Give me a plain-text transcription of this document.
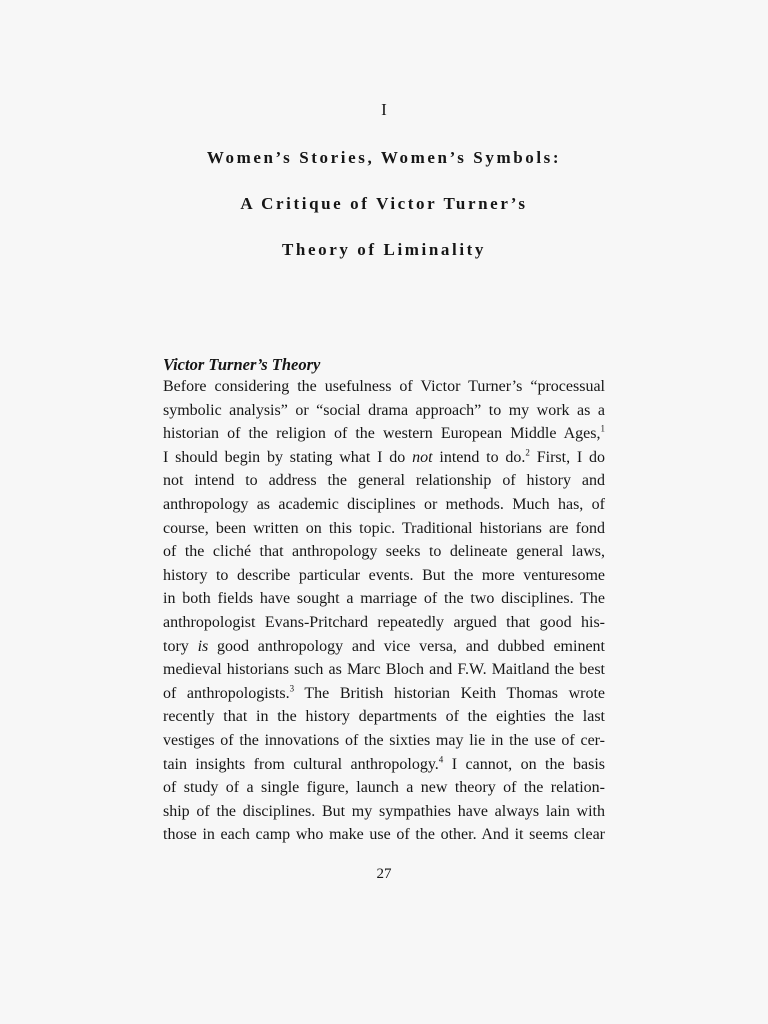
I
Women’s Stories, Women’s Symbols:
A Critique of Victor Turner’s
Theory of Liminality
Victor Turner’s Theory
Before considering the usefulness of Victor Turner’s “processual
symbolic analysis” or “social drama approach” to my work as a
historian of the religion of the western European Middle Ages,$^1$
I should begin by stating what I do not intend to do.$^2$ First, I do
not intend to address the general relationship of history and
anthropology as academic disciplines or methods. Much has, of
course, been written on this topic. Traditional historians are fond
of the cliché that anthropology seeks to delineate general laws,
history to describe particular events. But the more venturesome
in both fields have sought a marriage of the two disciplines. The
anthropologist Evans-Pritchard repeatedly argued that good his-
tory is good anthropology and vice versa, and dubbed eminent
medieval historians such as Marc Bloch and F.W. Maitland the best
of anthropologists.$^3$ The British historian Keith Thomas wrote
recently that in the history departments of the eighties the last
vestiges of the innovations of the sixties may lie in the use of cer-
tain insights from cultural anthropology.$^4$ I cannot, on the basis
of study of a single figure, launch a new theory of the relation-
ship of the disciplines. But my sympathies have always lain with
those in each camp who make use of the other. And it seems clear
27
